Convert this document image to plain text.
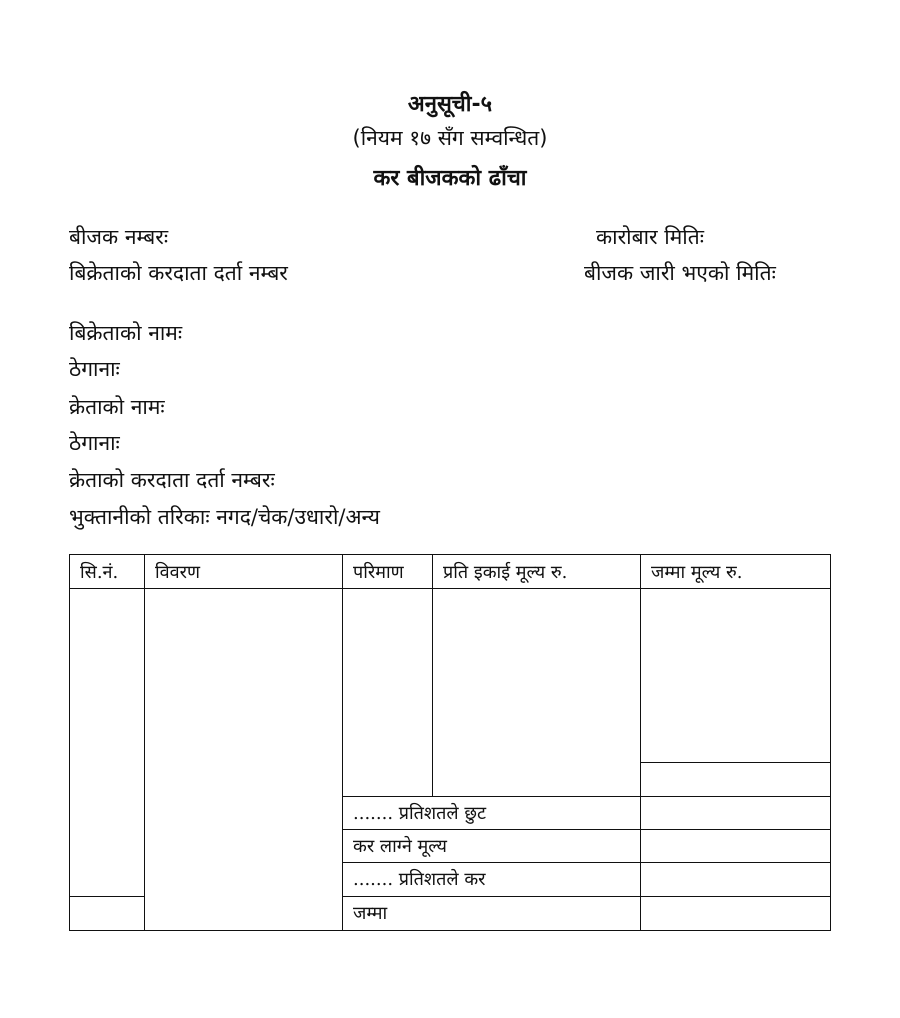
अनुसूची-५
(नियम १७ सँग सम्वन्धित)
कर बीजकको ढाँचा
बीजक नम्बरः	कारोबार मितिः
बिक्रेताको करदाता दर्ता नम्बर	बीजक जारी भएको मितिः
बिक्रेताको नामः
ठेगानाः
क्रेताको नामः
ठेगानाः
क्रेताको करदाता दर्ता नम्बरः
भुक्तानीको तरिकाः नगद/चेक/उधारो/अन्य
सि.नं.	विवरण	परिमाण	प्रति इकाई मूल्य रु.	जम्मा मूल्य रु.

		....... प्रतिशतले छुट		
		कर लाग्ने मूल्य		
		....... प्रतिशतले कर		
		जम्मा		
